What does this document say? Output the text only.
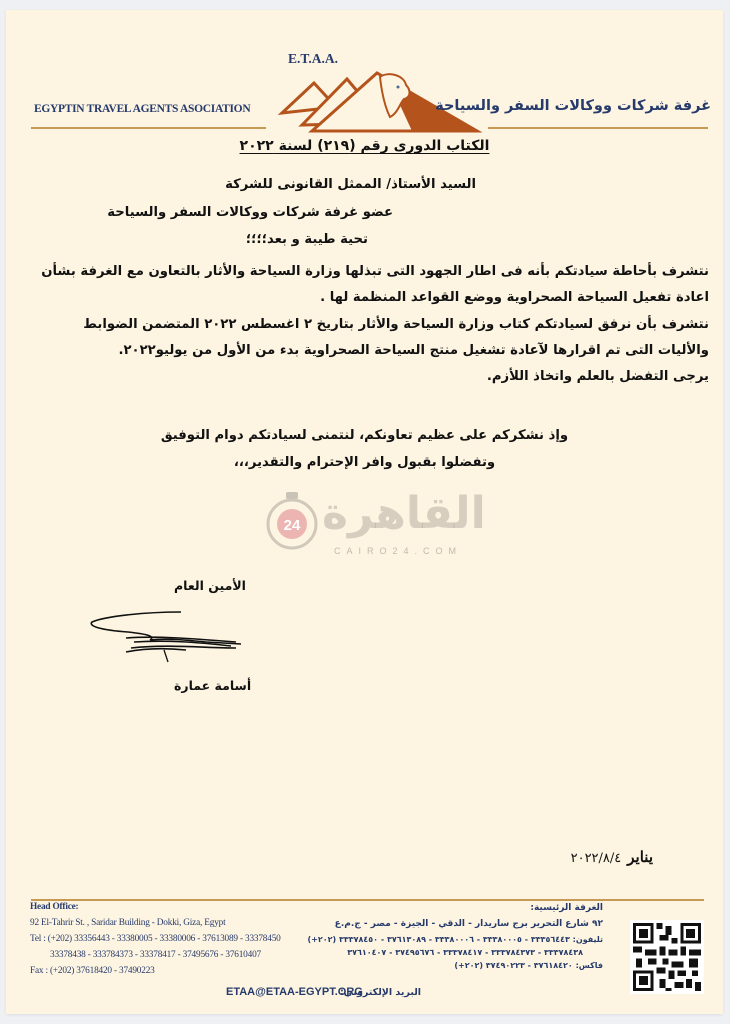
E.T.A.A.
EGYPTIN TRAVEL AGENTS ASOCIATION	غرفة شركات ووكالات السفر والسياحة
الكتاب الدورى رقم (٢١٩) لسنة ٢٠٢٢
السيد الأستاذ/ الممثل القانونى للشركة
عضو غرفة شركات ووكالات السفر والسياحة
تحية طيبة و بعد؛؛؛؛
نتشرف بأحاطة سيادتكم بأنه فى اطار الجهود التى تبذلها وزارة السياحة والأثار بالتعاون مع الغرفة بشأن
اعادة تفعيل السياحة الصحراوية ووضع القواعد المنظمة لها .
نتشرف بأن نرفق لسيادتكم كتاب وزارة السياحة والأثار بتاريخ ٢ اغسطس ٢٠٢٢ المتضمن الضوابط
والأليات التى تم اقرارها لآعادة تشغيل منتج السياحة الصحراوية بدء من الأول من يوليو٢٠٢٢.
يرجى التفضل بالعلم واتخاذ اللأزم.
وإذ نشكركم على عظيم تعاونكم، لنتمنى لسيادتكم دوام التوفيق
وتفضلوا بقبول وافر الإحترام والتقدير،،،
24 القاهرة
CAIRO24.COM
الأمين العام
أسامة عمارة
يناير٢٠٢٢/٨/٤
Head Office:
92 El-Tahrir St. , Saridar Building - Dokki, Giza, Egypt
Tel : (+202) 33356443 - 33380005 - 33380006 - 37613089 - 33378450
33378438 - 333784373 - 33378417 - 37495676 - 37610407
Fax : (+202) 37618420 - 37490223
الغرفة الرئيسية:
٩٢ شارع التحرير برج ساريدار - الدقي - الجيزة - مصر - ج.م.ع
تليفون: ٣٣٣٥٦٤٤٣ - ٣٣٣٨٠٠٠٥ - ٣٣٣٨٠٠٠٦ - ٣٧٦١٣٠٨٩ - ٣٣٣٧٨٤٥٠ (٢٠٢+)
٣٣٣٧٨٤٣٨ - ٣٣٣٧٨٤٣٧٣ - ٣٣٣٧٨٤١٧ - ٣٧٤٩٥٦٧٦ - ٣٧٦١٠٤٠٧
فاكس: ٣٧٦١٨٤٢٠ - ٣٧٤٩٠٢٢٣ (٢٠٢+)
ETAA@ETAA-EGYPT.ORG
البريد الإلكتروني:
